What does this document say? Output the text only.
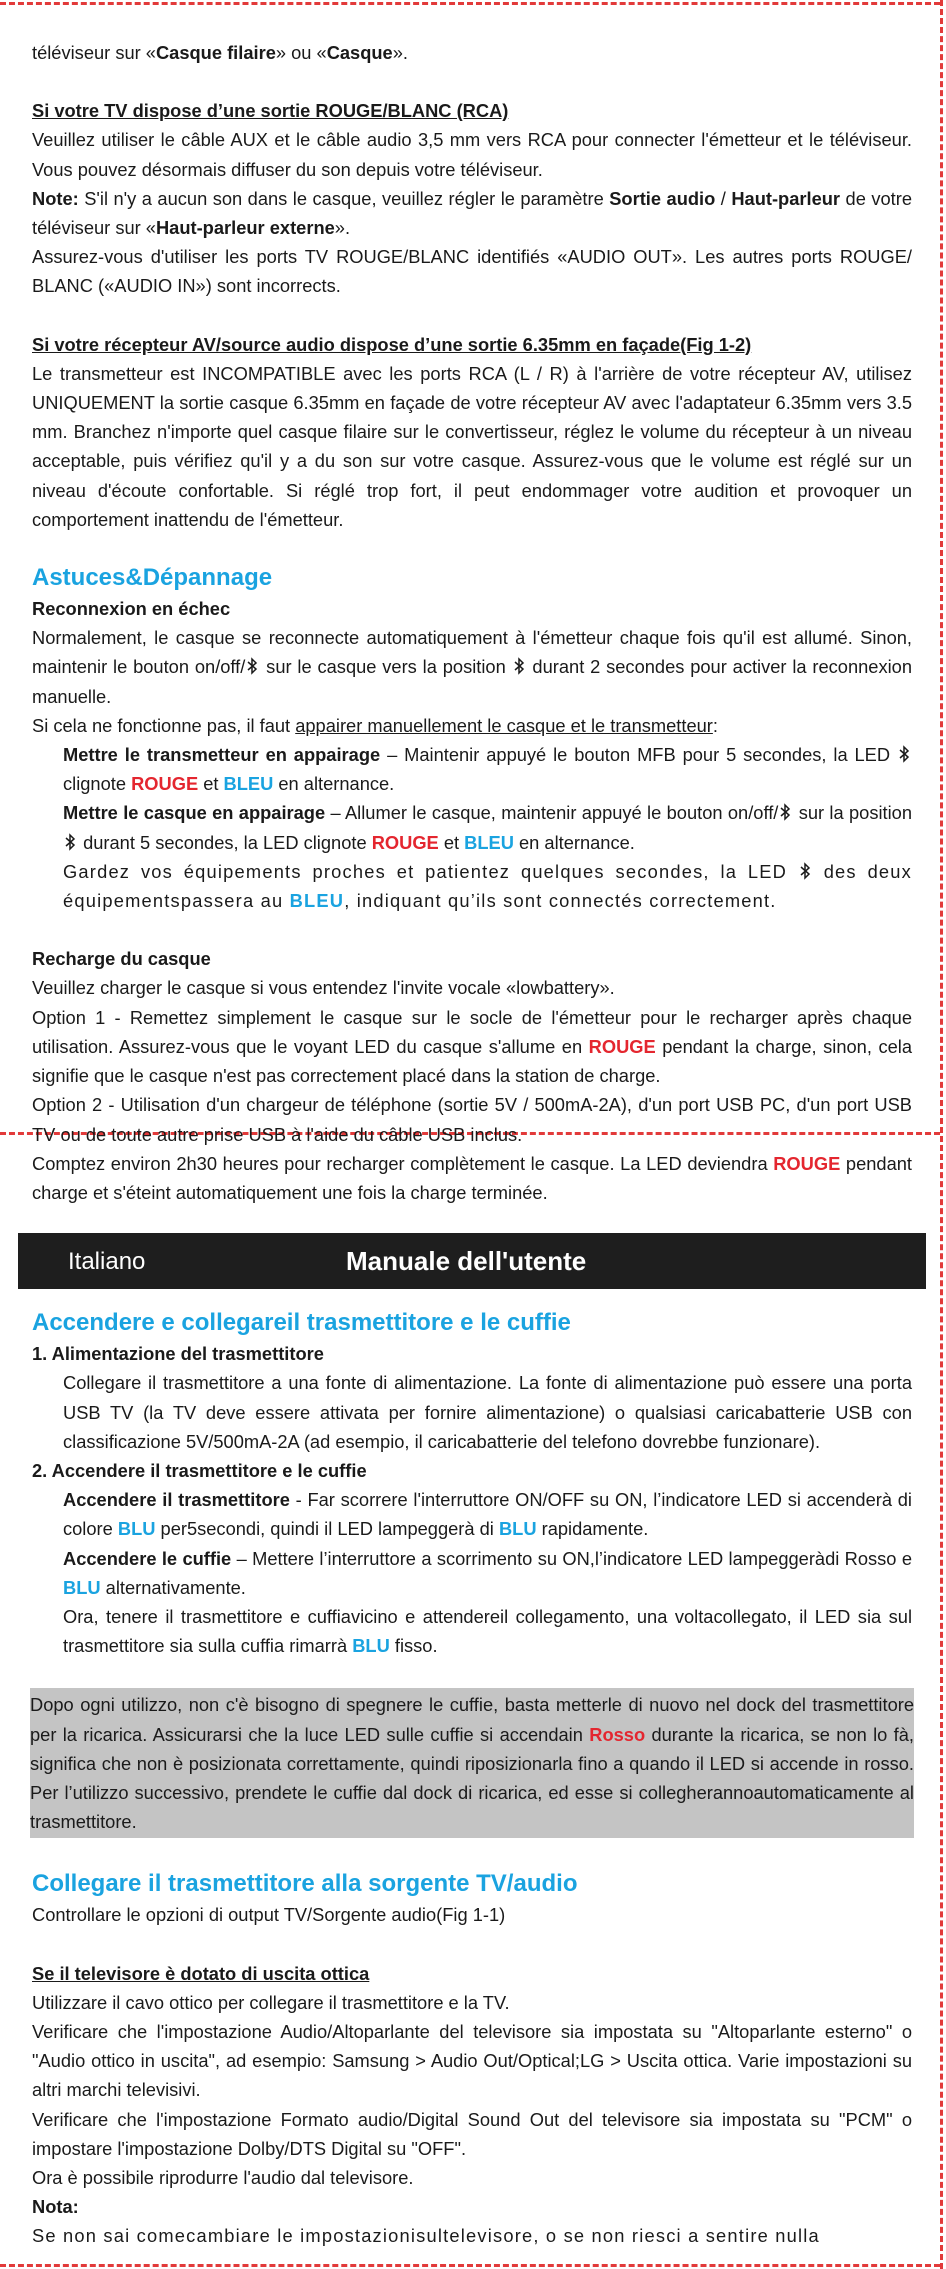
téléviseur sur «Casque filaire» ou «Casque».

Si votre TV dispose d’une sortie ROUGE/BLANC (RCA)

Veuillez utiliser le câble AUX et le câble audio 3,5 mm vers RCA pour connecter l'émetteur et le téléviseur. Vous pouvez désormais diffuser du son depuis votre téléviseur.

Note: S'il n'y a aucun son dans le casque, veuillez régler le paramètre Sortie audio / Haut-parleur de votre téléviseur sur «Haut-parleur externe».

Assurez-vous d'utiliser les ports TV ROUGE/BLANC identifiés «AUDIO OUT». Les autres ports ROUGE/ BLANC («AUDIO IN») sont incorrects.

Si votre récepteur AV/source audio dispose d’une sortie 6.35mm en façade(Fig 1-2)

Le transmetteur est INCOMPATIBLE avec les ports RCA (L / R) à l'arrière de votre récepteur AV, utilisez UNIQUEMENT la sortie casque 6.35mm en façade de votre récepteur AV avec l'adaptateur 6.35mm vers 3.5 mm. Branchez n'importe quel casque filaire sur le convertisseur, réglez le volume du récepteur à un niveau acceptable, puis vérifiez qu'il y a du son sur votre casque. Assurez-vous que le volume est réglé sur un niveau d'écoute confortable. Si réglé trop fort, il peut endommager votre audition et provoquer un comportement inattendu de l'émetteur.

Astuces&Dépannage

Reconnexion en échec

Normalement, le casque se reconnecte automatiquement à l'émetteur chaque fois qu'il est allumé. Sinon, maintenir le bouton on/off/ sur le casque vers la position  durant 2 secondes pour activer la reconnexion manuelle.

Si cela ne fonctionne pas, il faut appairer manuellement le casque et le transmetteur:

Mettre le transmetteur en appairage – Maintenir appuyé le bouton MFB pour 5 secondes, la LED  clignote ROUGE et BLEU en alternance.

Mettre le casque en appairage – Allumer le casque, maintenir appuyé le bouton on/off/ sur la position  durant 5 secondes, la LED clignote ROUGE et BLEU en alternance.

Gardez vos équipements proches et patientez quelques secondes, la LED  des deux équipementspassera au BLEU, indiquant qu’ils sont connectés correctement.

Recharge du casque

Veuillez charger le casque si vous entendez l'invite vocale «lowbattery».

Option 1 - Remettez simplement le casque sur le socle de l'émetteur pour le recharger après chaque utilisation. Assurez-vous que le voyant LED du casque s'allume en ROUGE pendant la charge, sinon, cela signifie que le casque n'est pas correctement placé dans la station de charge.

Option 2 - Utilisation d'un chargeur de téléphone (sortie 5V / 500mA-2A), d'un port USB PC, d'un port USB TV ou de toute autre prise USB à l'aide du câble USB inclus.

Comptez environ 2h30 heures pour recharger complètement le casque. La LED deviendra ROUGE pendant charge et s'éteint automatiquement une fois la charge terminée.

Italiano	Manuale dell'utente
Accendere e collegareil trasmettitore e le cuffie

1. Alimentazione del trasmettitore

Collegare il trasmettitore a una fonte di alimentazione. La fonte di alimentazione può essere una porta USB TV (la TV deve essere attivata per fornire alimentazione) o qualsiasi caricabatterie USB con classificazione 5V/500mA-2A (ad esempio, il caricabatterie del telefono dovrebbe funzionare).

2. Accendere il trasmettitore e le cuffie

Accendere il trasmettitore - Far scorrere l'interruttore ON/OFF su ON, l’indicatore LED si accenderà di colore BLU per5secondi, quindi il LED lampeggerà di BLU rapidamente.

Accendere le cuffie – Mettere l’interruttore a scorrimento su ON,l’indicatore LED lampeggeràdi Rosso e BLU alternativamente.

Ora, tenere il trasmettitore e cuffiavicino e attendereil collegamento, una voltacollegato, il LED sia sul trasmettitore sia sulla cuffia rimarrà BLU fisso.

Dopo ogni utilizzo, non c'è bisogno di spegnere le cuffie, basta metterle di nuovo nel dock del trasmettitore per la ricarica. Assicurarsi che la luce LED sulle cuffie si accendain Rosso durante la ricarica, se non lo fà, significa che non è posizionata correttamente, quindi riposizionarla fino a quando il LED si accende in rosso. Per l’utilizzo successivo, prendete le cuffie dal dock di ricarica, ed esse si collegherannoautomaticamente al trasmettitore.

Collegare il trasmettitore alla sorgente TV/audio

Controllare le opzioni di output TV/Sorgente audio(Fig 1-1)

Se il televisore è dotato di uscita ottica

Utilizzare il cavo ottico per collegare il trasmettitore e la TV.

Verificare che l'impostazione Audio/Altoparlante del televisore sia impostata su "Altoparlante esterno" o "Audio ottico in uscita", ad esempio: Samsung > Audio Out/Optical;LG > Uscita ottica. Varie impostazioni su altri marchi televisivi.

Verificare che l'impostazione Formato audio/Digital Sound Out del televisore sia impostata su "PCM" o impostare l'impostazione Dolby/DTS Digital su "OFF".

Ora è possibile riprodurre l'audio dal televisore.

Nota:

Se non sai comecambiare le impostazionisultelevisore, o se non riesci a sentire nulla
